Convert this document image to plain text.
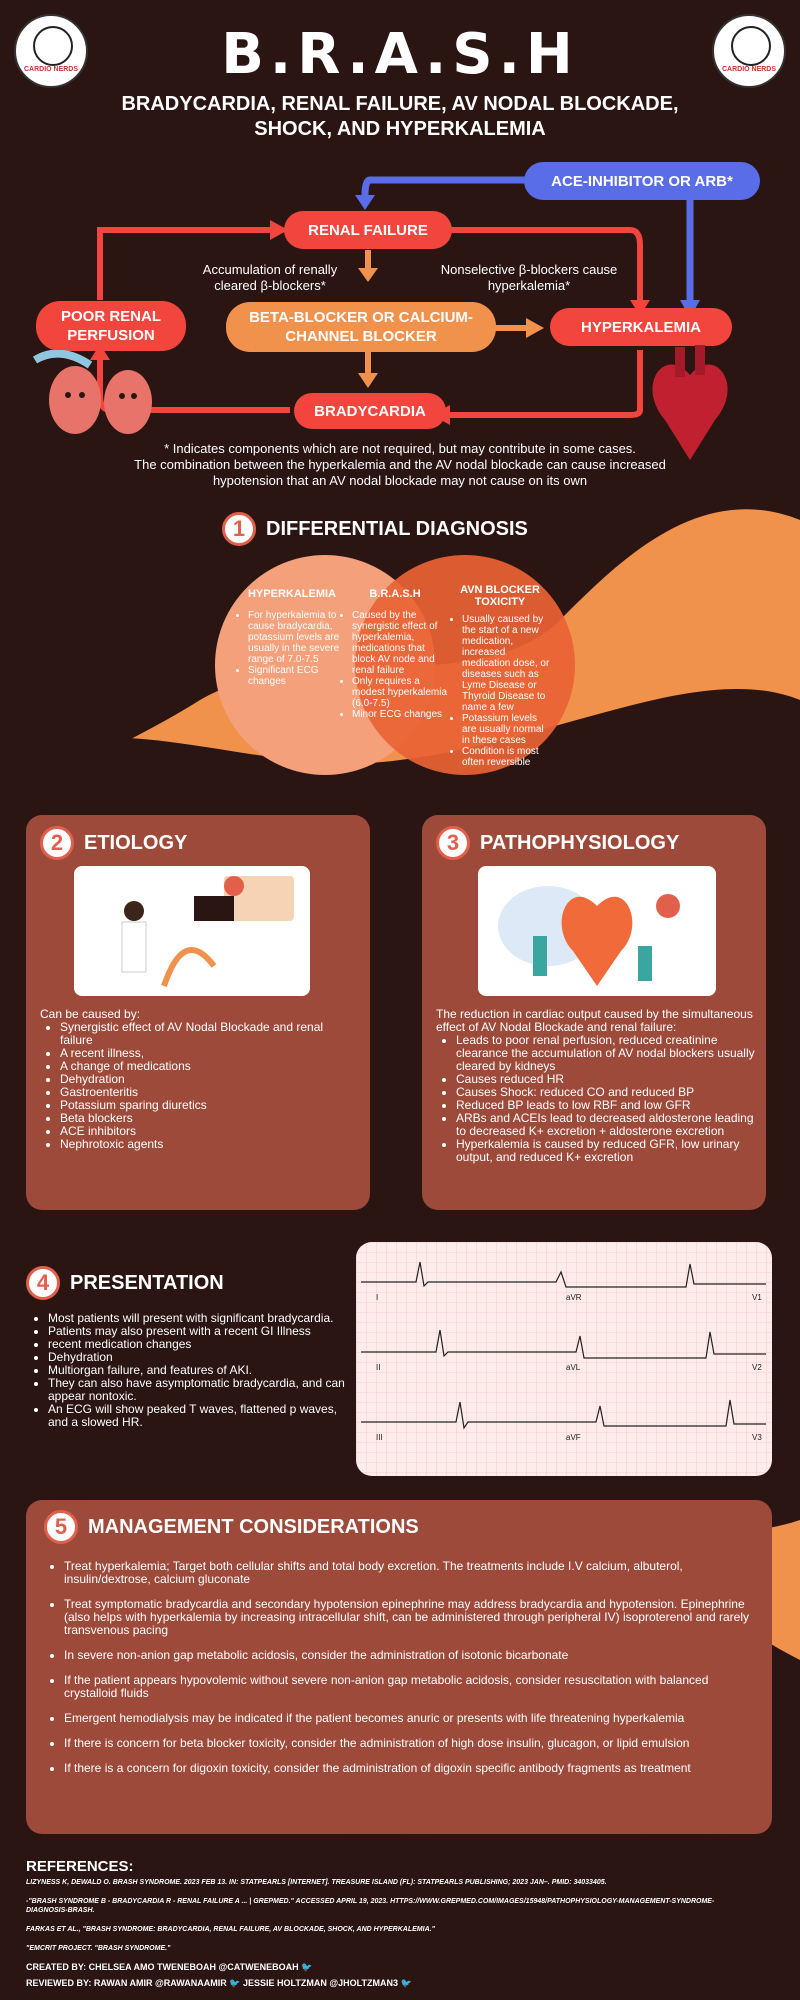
CARDIO NERDS	CARDIO NERDS
B.R.A.S.H
BRADYCARDIA, RENAL FAILURE, AV NODAL BLOCKADE,
SHOCK, AND HYPERKALEMIA
ACE-INHIBITOR OR ARB*
RENAL FAILURE
POOR RENAL PERFUSION
BETA-BLOCKER OR CALCIUM-CHANNEL BLOCKER
HYPERKALEMIA
BRADYCARDIA
Accumulation of renally cleared β-blockers*
Nonselective β-blockers cause hyperkalemia*
* Indicates components which are not required, but may contribute in some cases.
The combination between the hyperkalemia and the AV nodal blockade can cause increased hypotension that an AV nodal blockade may not cause on its own
1	DIFFERENTIAL DIAGNOSIS
HYPERKALEMIA
• For hyperkalemia to cause bradycardia, potassium levels are usually in the severe range of 7.0-7.5
• Significant ECG changes
B.R.A.S.H
• Caused by the synergistic effect of hyperkalemia, medications that block AV node and renal failure
• Only requires a modest hyperkalemia (6.0-7.5)
• Minor ECG changes
AVN BLOCKER TOXICITY
• Usually caused by the start of a new medication, increased medication dose, or diseases such as Lyme Disease or Thyroid Disease to name a few
• Potassium levels are usually normal in these cases
• Condition is most often reversible
2	ETIOLOGY
Can be caused by:
• Synergistic effect of AV Nodal Blockade and renal failure
• A recent illness,
• A change of medications
• Dehydration
• Gastroenteritis
• Potassium sparing diuretics
• Beta blockers
• ACE inhibitors
• Nephrotoxic agents
3	PATHOPHYSIOLOGY
The reduction in cardiac output caused by the simultaneous effect of AV Nodal Blockade and renal failure:
• Leads to poor renal perfusion, reduced creatinine clearance the accumulation of AV nodal blockers usually cleared by kidneys
• Causes reduced HR
• Causes Shock: reduced CO and reduced BP
• Reduced BP leads to low RBF and low GFR
• ARBs and ACEIs lead to decreased aldosterone leading to decreased K+ excretion + aldosterone excretion
• Hyperkalemia is caused by reduced GFR, low urinary output, and reduced K+ excretion
4	PRESENTATION
• Most patients will present with significant bradycardia.
• Patients may also present with a recent GI Illness
• recent medication changes
• Dehydration
• Multiorgan failure, and features of AKI.
• They can also have asymptomatic bradycardia, and can appear nontoxic.
• An ECG will show peaked T waves, flattened p waves, and a slowed HR.
I	aVR	V1
II	aVL	V2
III	aVF	V3
5	MANAGEMENT CONSIDERATIONS
• Treat hyperkalemia; Target both cellular shifts and total body excretion. The treatments include I.V calcium, albuterol, insulin/dextrose, calcium gluconate
• Treat symptomatic bradycardia and secondary hypotension epinephrine may address bradycardia and hypotension. Epinephrine (also helps with hyperkalemia by increasing intracellular shift, can be administered through peripheral IV) isoproterenol and rarely transvenous pacing
• In severe non-anion gap metabolic acidosis, consider the administration of isotonic bicarbonate
• If the patient appears hypovolemic without severe non-anion gap metabolic acidosis, consider resuscitation with balanced crystalloid fluids
• Emergent hemodialysis may be indicated if the patient becomes anuric or presents with life threatening hyperkalemia
• If there is concern for beta blocker toxicity, consider the administration of high dose insulin, glucagon, or lipid emulsion
• If there is a concern for digoxin toxicity, consider the administration of digoxin specific antibody fragments as treatment
REFERENCES:
LIZYNESS K, DEWALD O. BRASH SYNDROME. 2023 FEB 13. IN: STATPEARLS [INTERNET]. TREASURE ISLAND (FL): STATPEARLS PUBLISHING; 2023 JAN–. PMID: 34033405.
-"BRASH SYNDROME B - BRADYCARDIA R - RENAL FAILURE A ... | GREPMED." ACCESSED APRIL 19, 2023. HTTPS://WWW.GREPMED.COM/IMAGES/15948/PATHOPHYSIOLOGY-MANAGEMENT-SYNDROME-DIAGNOSIS-BRASH.
FARKAS ET AL., "BRASH SYNDROME: BRADYCARDIA, RENAL FAILURE, AV BLOCKADE, SHOCK, AND HYPERKALEMIA."
"EMCRIT PROJECT. "BRASH SYNDROME."
CREATED BY: CHELSEA AMO TWENEBOAH @CATWENEBOAH 🐦
REVIEWED BY: RAWAN AMIR @RAWANAAMIR 🐦 JESSIE HOLTZMAN @JHOLTZMAN3 🐦
